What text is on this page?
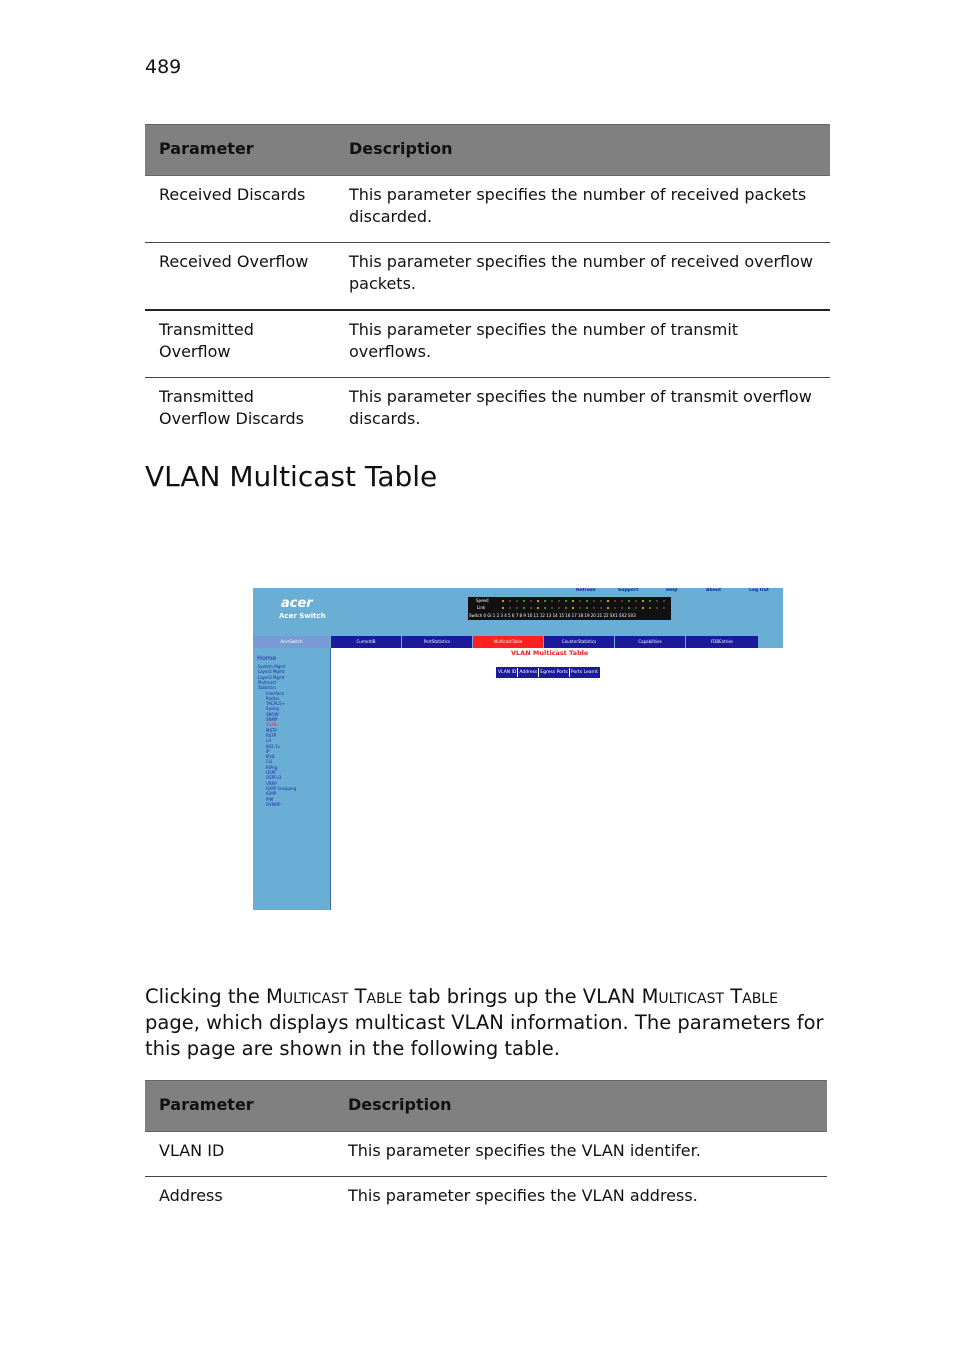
489
Parameter	Description
Received Discards	This parameter specifies the number of received packets discarded.
Received Overflow	This parameter specifies the number of received overflow packets.
Transmitted Overflow	This parameter specifies the number of transmit overflows.
Transmitted Overflow Discards	This parameter specifies the number of transmit overflow discards.
VLAN Multicast Table
acer
Acer Switch
Refresh	Support	Help	About	Log Out
Speed
Link
Switch 0 Gi 1 2 3 4 5 6 7 8 9 10 11 12 13 14 15 16 17 18 19 20 21 22 SX1 SX2 SX3
AcerSwitch	CurrentIB	PortStatistics	MulticastTable	CounterStatistics	Capabilities	FDBEntries
Home
System Mgmt
Layer2 Mgmt
Layer3 Mgmt
Multicast
Statistics
Interface
Radius
TACACS+
Syslog
SNOW
SNMP
VLAN
MSTP
RSTP
LA
802.1x
IP
IPv6
CLI
RIPng
OSPF
OSPFv3
VRRP
IGMP Snooping
IGMP
PIM
DVMRP
VLAN Multicast Table
VLAN ID Address Egress Ports Ports Learnt

Clicking the Multicast Table tab brings up the VLAN Multicast Table page, which displays multicast VLAN information. The parameters for this page are shown in the following table.

Parameter	Description
VLAN ID	This parameter specifies the VLAN identifer.
Address	This parameter specifies the VLAN address.
